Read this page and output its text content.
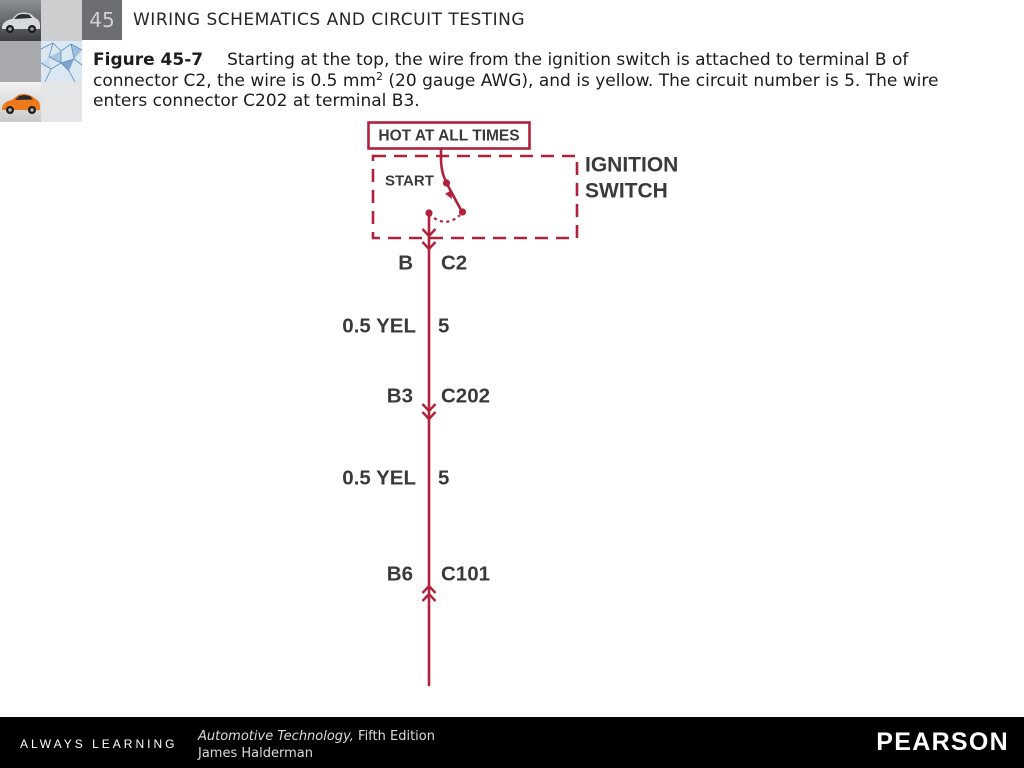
45	WIRING SCHEMATICS AND CIRCUIT TESTING

Figure 45-7 Starting at the top, the wire from the ignition switch is attached to terminal B of connector C2, the wire is 0.5 $mm^2$ (20 gauge AWG), and is yellow. The circuit number is 5. The wire enters connector C202 at terminal B3.

HOT AT ALL TIMES
IGNITION
SWITCH
START
B C2
0.5 YEL 5
B3 C202
0.5 YEL 5
B6 C101
ALWAYS LEARNING Automotive Technology, Fifth Edition
James Halderman	PEARSON
